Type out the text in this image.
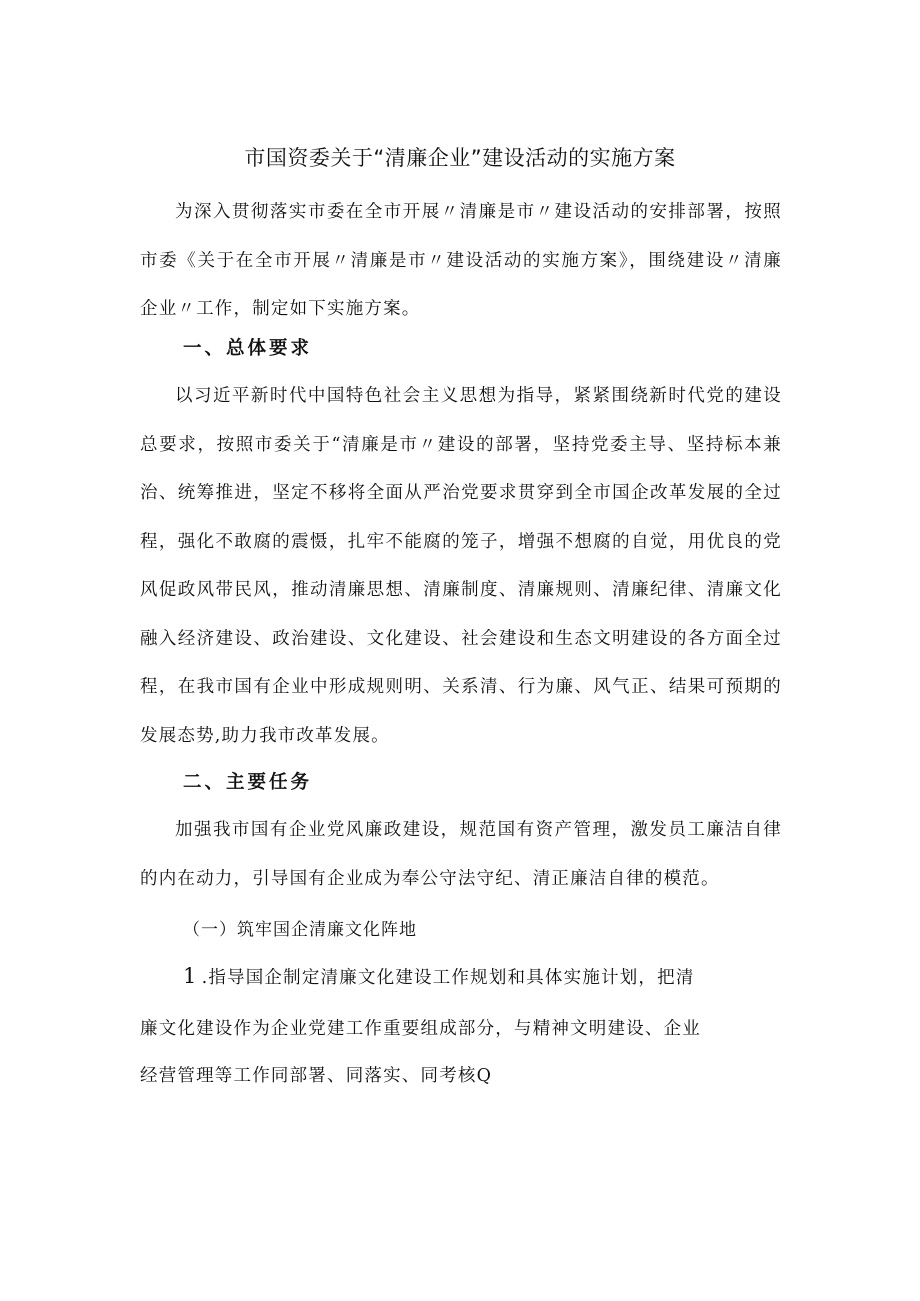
市国资委关于“清廉企业”建设活动的实施方案
为深入贯彻落实市委在全市开展〃清廉是市〃建设活动的安排部署，按照市委《关于在全市开展〃清廉是市〃建设活动的实施方案》，围绕建设〃清廉企业〃工作，制定如下实施方案。
一、总体要求
以习近平新时代中国特色社会主义思想为指导，紧紧围绕新时代党的建设总要求，按照市委关于“清廉是市〃建设的部署，坚持党委主导、坚持标本兼治、统筹推进，坚定不移将全面从严治党要求贯穿到全市国企改革发展的全过程，强化不敢腐的震慑，扎牢不能腐的笼子，增强不想腐的自觉，用优良的党风促政风带民风，推动清廉思想、清廉制度、清廉规则、清廉纪律、清廉文化融入经济建设、政治建设、文化建设、社会建设和生态文明建设的各方面全过程，在我市国有企业中形成规则明、关系清、行为廉、风气正、结果可预期的发展态势,助力我市改革发展。
二、主要任务
加强我市国有企业党风廉政建设，规范国有资产管理，激发员工廉洁自律的内在动力，引导国有企业成为奉公守法守纪、清正廉洁自律的模范。
（一）筑牢国企清廉文化阵地
1 .指导国企制定清廉文化建设工作规划和具体实施计划，把清
廉文化建设作为企业党建工作重要组成部分，与精神文明建设、企业
经营管理等工作同部署、同落实、同考核Q
